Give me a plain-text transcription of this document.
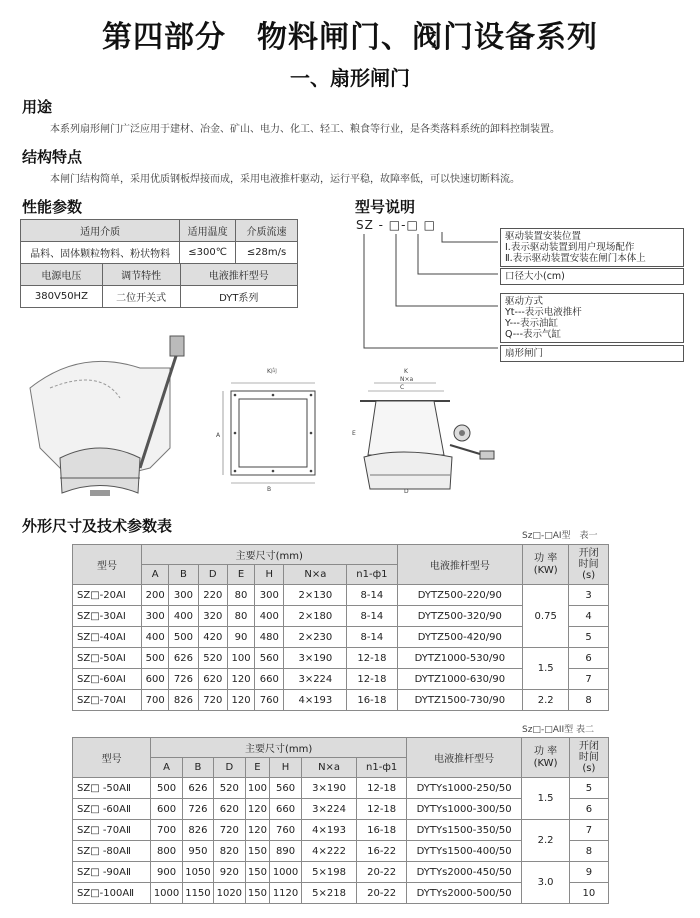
第四部分　物料闸门、阀门设备系列
一、扇形闸门
用途
本系列扇形闸门广泛应用于建材、冶金、矿山、电力、化工、轻工、粮食等行业，是各类落料系统的卸料控制装置。
结构特点
本闸门结构简单，采用优质钢板焊接而成，采用电液推杆驱动，运行平稳，故障率低，可以快速切断料流。
性能参数
适用介质	适用温度	介质流速
晶料、固体颗粒物料、粉状物料	≤300℃	≤28m/s
电源电压	调节特性	电液推杆型号
380V50HZ	二位开关式	DYT系列
型号说明
SZ - □-□ □
驱动装置安装位置
Ⅰ.表示驱动装置到用户现场配作
Ⅱ.表示驱动装置安装在闸门本体上
口径大小(cm)
驱动方式
Yt---表示电液推杆
Y---表示油缸
Q---表示气缸
扇形闸门
K向
A
B
K
N×a
C
E
D
外形尺寸及技术参数表
Sz□-□AI型　表一
型号	主要尺寸(mm)							电液推杆型号	功 率
(KW)	开闭
时间
(s)
	A	B	D	E	H	N×a	n1-ф1			
SZ□-20AI	200	300	220	80	300	2×130	8-14	DYTZ500-220/90	0.75	3
SZ□-30AI	300	400	320	80	400	2×180	8-14	DYTZ500-320/90		4
SZ□-40AI	400	500	420	90	480	2×230	8-14	DYTZ500-420/90		5
SZ□-50AI	500	626	520	100	560	3×190	12-18	DYTZ1000-530/90	1.5	6
SZ□-60AI	600	726	620	120	660	3×224	12-18	DYTZ1000-630/90		7
SZ□-70AI	700	826	720	120	760	4×193	16-18	DYTZ1500-730/90	2.2	8
Sz□-□AII型 表二
型号	主要尺寸(mm)							电液推杆型号	功 率
(KW)	开闭
时间
(s)
	A	B	D	E	H	N×a	n1-ф1			
SZ□ -50AⅡ	500	626	520	100	560	3×190	12-18	DYTYs1000-250/50	1.5	5
SZ□ -60AⅡ	600	726	620	120	660	3×224	12-18	DYTYs1000-300/50		6
SZ□ -70AⅡ	700	826	720	120	760	4×193	16-18	DYTYs1500-350/50	2.2	7
SZ□ -80AⅡ	800	950	820	150	890	4×222	16-22	DYTYs1500-400/50		8
SZ□ -90AⅡ	900	1050	920	150	1000	5×198	20-22	DYTYs2000-450/50	3.0	9
SZ□-100AⅡ	1000	1150	1020	150	1120	5×218	20-22	DYTYs2000-500/50		10
